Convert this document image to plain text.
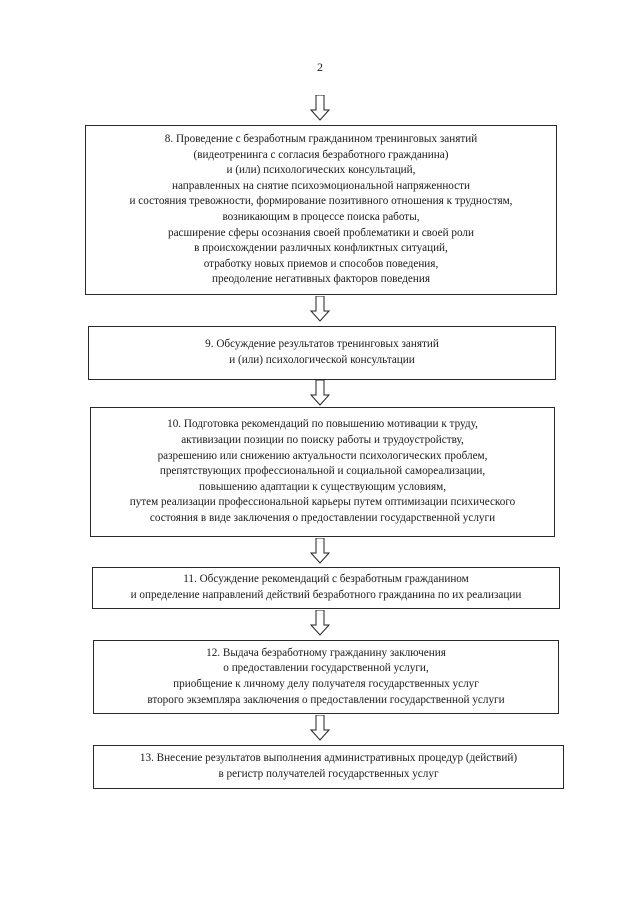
2
8. Проведение с безработным гражданином тренинговых занятий
(видеотренинга с согласия безработного гражданина)
и (или) психологических консультаций,
направленных на снятие психоэмоциональной напряженности
и состояния тревожности, формирование позитивного отношения к трудностям,
возникающим в процессе поиска работы,
расширение сферы осознания своей проблематики и своей роли
в происхождении различных конфликтных ситуаций,
отработку новых приемов и способов поведения,
преодоление негативных факторов поведения
9. Обсуждение результатов тренинговых занятий
и (или) психологической консультации
10. Подготовка рекомендаций по повышению мотивации к труду,
активизации позиции по поиску работы и трудоустройству,
разрешению или снижению актуальности психологических проблем,
препятствующих профессиональной и социальной самореализации,
повышению адаптации к существующим условиям,
путем реализации профессиональной карьеры путем оптимизации психического
состояния в виде заключения о предоставлении государственной услуги
11. Обсуждение рекомендаций с безработным гражданином
и определение направлений действий безработного гражданина по их реализации
12. Выдача безработному гражданину заключения
о предоставлении государственной услуги,
приобщение к личному делу получателя государственных услуг
второго экземпляра заключения о предоставлении государственной услуги
13. Внесение результатов выполнения административных процедур (действий)
в регистр получателей государственных услуг
